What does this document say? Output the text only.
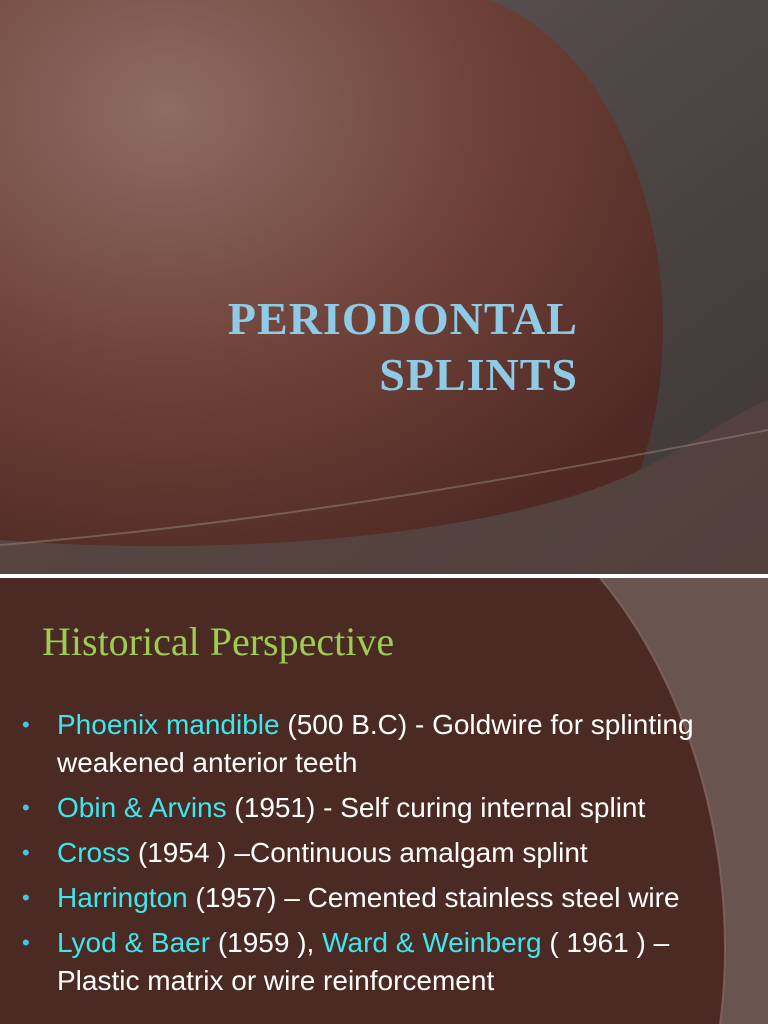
PERIODONTAL
SPLINTS
Historical Perspective
• Phoenix mandible (500 B.C) - Goldwire for splinting weakened anterior teeth
• Obin & Arvins (1951) - Self curing internal splint
• Cross (1954 ) –Continuous amalgam splint
• Harrington (1957) – Cemented stainless steel wire
• Lyod & Baer (1959 ), Ward & Weinberg ( 1961 ) – Plastic matrix or wire reinforcement
